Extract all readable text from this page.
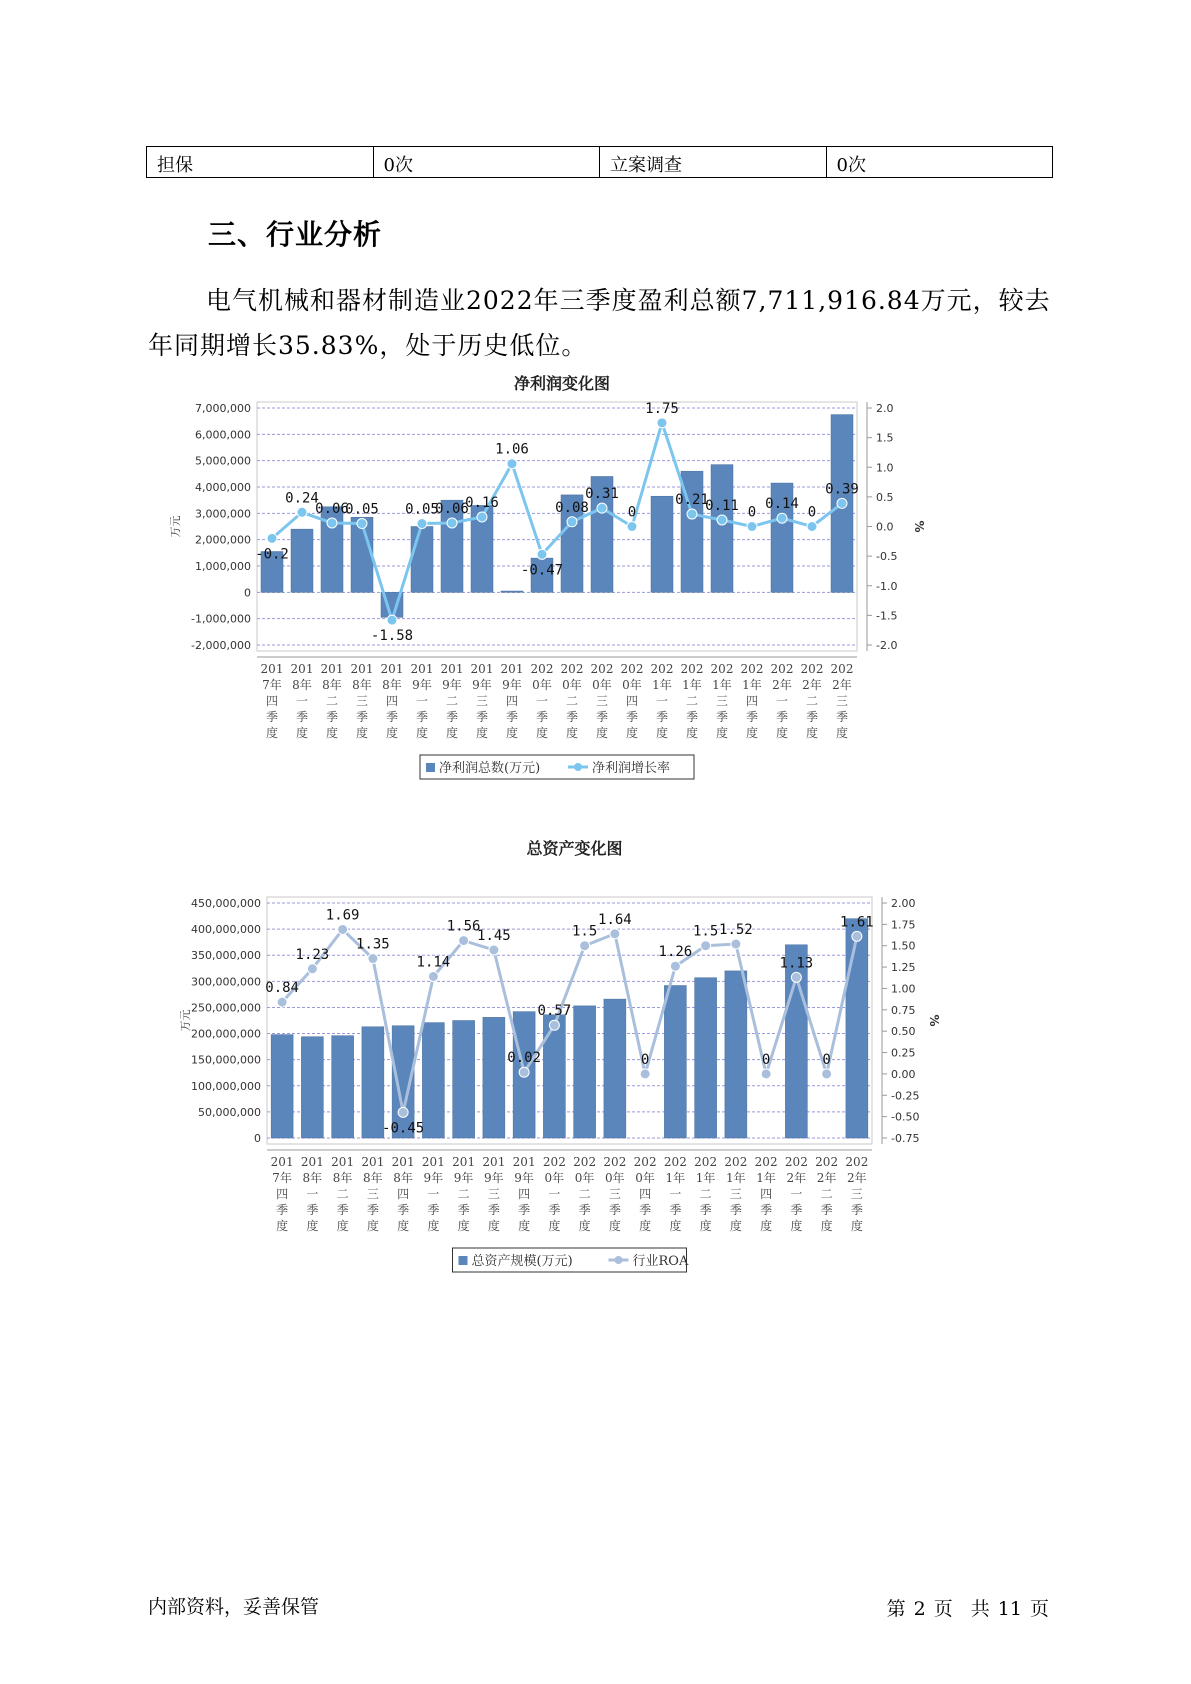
担保	0次	立案调查	0次
三、行业分析
电气机械和器材制造业2022年三季度盈利总额7,711,916.84万元，较去年同期增长35.83%，处于历史低位。
净利润变化图
-2,000,000
-1,000,000
0
1,000,000
2,000,000
3,000,000
4,000,000
5,000,000
6,000,000
7,000,000
-2.0
-1.5
-1.0
-0.5
0.0
0.5
1.0
1.5
2.0
万元	%
-0.2
0.24
0.06
0.05
-1.58
0.05
0.06
0.16
1.06
-0.47
0.08
0.31
0
1.75
0.21
0.11 0
0.14
0
0.39
201
7年
四
季
度
201
8年
一
季
度
201
8年
二
季
度
201
8年
三
季
度
201
8年
四
季
度
201
9年
一
季
度
201
9年
二
季
度
201
9年
三
季
度
201
9年
四
季
度
202
0年
一
季
度
202
0年
二
季
度
202
0年
三
季
度
202
0年
四
季
度
202
1年
一
季
度
202
1年
二
季
度
202
1年
三
季
度
202
1年
四
季
度
202
2年
一
季
度
202
2年
二
季
度
202
2年
三
季
度
净利润总数(万元)	净利润增长率
总资产变化图
0
50,000,000
100,000,000
150,000,000
200,000,000
250,000,000
300,000,000
350,000,000
400,000,000
450,000,000
-0.75
-0.50
-0.25
0.00
0.25
0.50
0.75
1.00
1.25
1.50
1.75
2.00
万元	%
0.84
1.23
1.69
1.35
-0.45
1.14
1.56
1.45
0.02
0.57
1.5
1.64
0
1.26
1.5 1.52
0
1.13
0
1.61
201
7年
四
季
度
201
8年
一
季
度
201
8年
二
季
度
201
8年
三
季
度
201
8年
四
季
度
201
9年
一
季
度
201
9年
二
季
度
201
9年
三
季
度
201
9年
四
季
度
202
0年
一
季
度
202
0年
二
季
度
202
0年
三
季
度
202
0年
四
季
度
202
1年
一
季
度
202
1年
二
季
度
202
1年
三
季
度
202
1年
四
季
度
202
2年
一
季
度
202
2年
二
季
度
202
2年
三
季
度
总资产规模(万元)	行业ROA
内部资料，妥善保管	第 2 页 共 11 页
